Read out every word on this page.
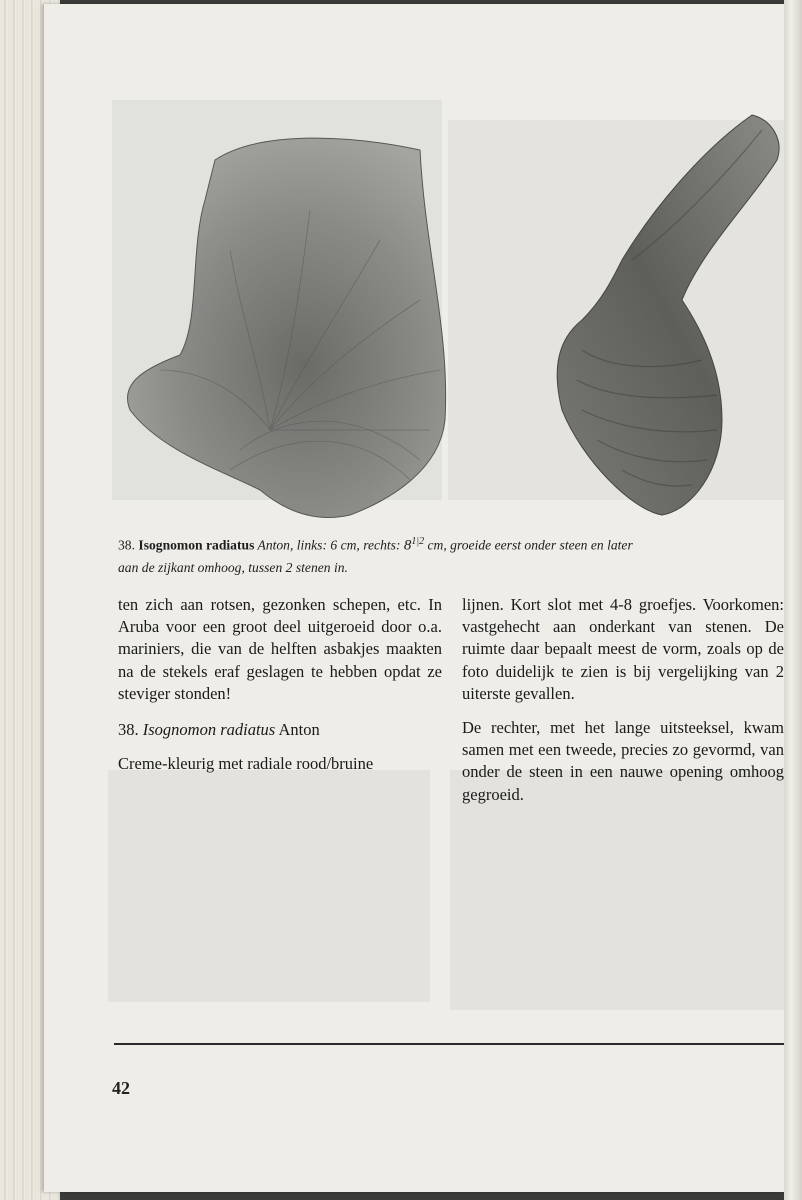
38. Isognomon radiatus Anton, links: 6 cm, rechts: $8^{1|2}$ cm, groeide eerst onder steen en later
aan de zijkant omhoog, tussen 2 stenen in.

ten zich aan rotsen, gezonken schepen, etc. In Aruba voor een groot deel uitgeroeid door o.a. mariniers, die van de helften asbakjes maakten na de stekels eraf geslagen te hebben opdat ze steviger stonden!

38. Isognomon radiatus Anton

Creme-kleurig met radiale rood/bruine

lijnen. Kort slot met 4-8 groefjes. Voorkomen: vastgehecht aan onderkant van stenen. De ruimte daar bepaalt meest de vorm, zoals op de foto duidelijk te zien is bij vergelijking van 2 uiterste gevallen.

De rechter, met het lange uitsteeksel, kwam samen met een tweede, precies zo gevormd, van onder de steen in een nauwe opening omhoog gegroeid.

42
